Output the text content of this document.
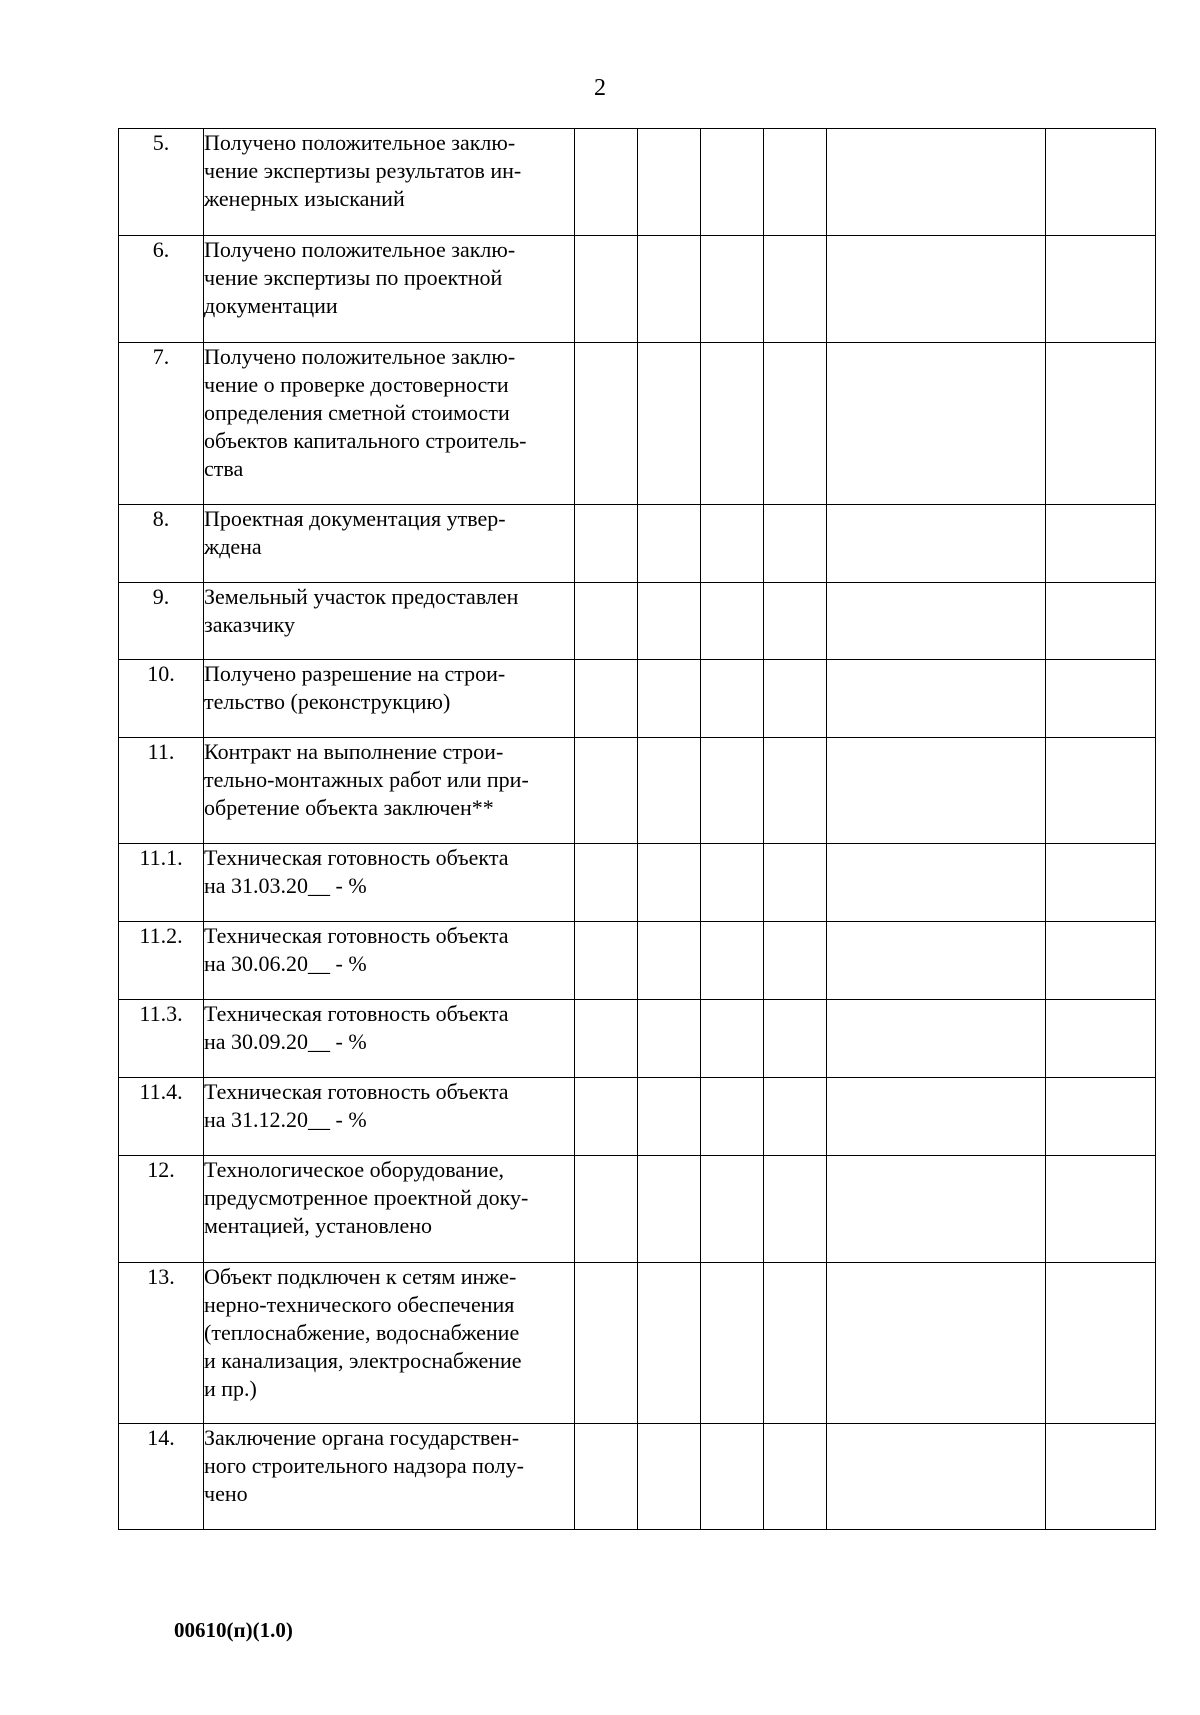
2
5.	Получено положительное заклю-
чение экспертизы результатов ин-
женерных изысканий						

6.	Получено положительное заклю-
чение экспертизы по проектной
документации						

7.	Получено положительное заклю-
чение о проверке достоверности
определения сметной стоимости
объектов капитального строитель-
ства						

8.	Проектная документация утвер-
ждена						

9.	Земельный участок предоставлен
заказчику						

10.	Получено разрешение на строи-
тельство (реконструкцию)						

11.	Контракт на выполнение строи-
тельно-монтажных работ или при-
обретение объекта заключен**						

11.1.	Техническая готовность объекта
на 31.03.20__ - %						

11.2.	Техническая готовность объекта
на 30.06.20__ - %						

11.3.	Техническая готовность объекта
на 30.09.20__ - %						

11.4.	Техническая готовность объекта
на 31.12.20__ - %						

12.	Технологическое оборудование,
предусмотренное проектной доку-
ментацией, установлено						

13.	Объект подключен к сетям инже-
нерно-технического обеспечения
(теплоснабжение, водоснабжение
и канализация, электроснабжение
и пр.)						

14.	Заключение органа государствен-
ного строительного надзора полу-
чено						

00610(п)(1.0)
